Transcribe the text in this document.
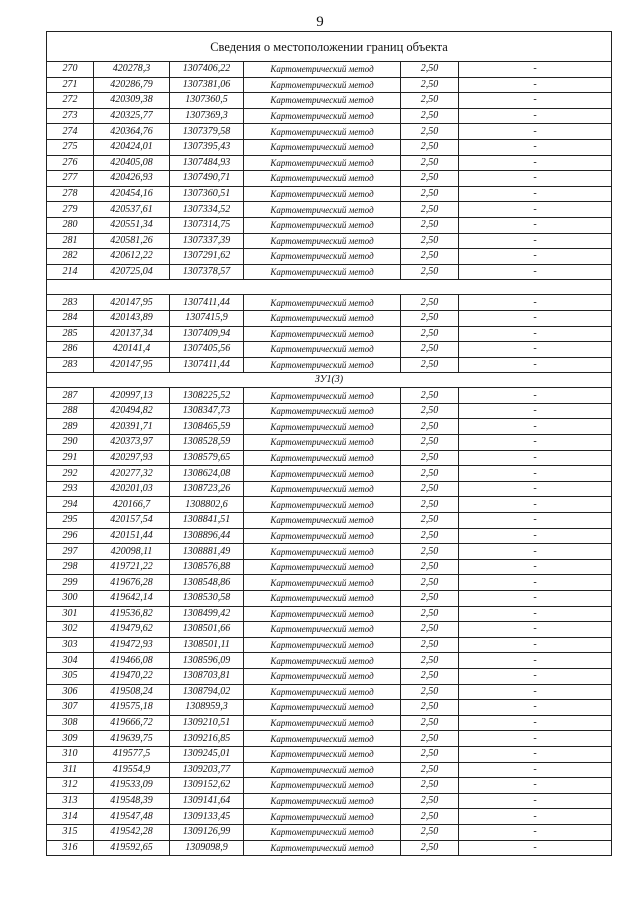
9
Сведения о местоположении границ объекта					
270	420278,3	1307406,22	Картометрический метод	2,50	-
271	420286,79	1307381,06	Картометрический метод	2,50	-
272	420309,38	1307360,5	Картометрический метод	2,50	-
273	420325,77	1307369,3	Картометрический метод	2,50	-
274	420364,76	1307379,58	Картометрический метод	2,50	-
275	420424,01	1307395,43	Картометрический метод	2,50	-
276	420405,08	1307484,93	Картометрический метод	2,50	-
277	420426,93	1307490,71	Картометрический метод	2,50	-
278	420454,16	1307360,51	Картометрический метод	2,50	-
279	420537,61	1307334,52	Картометрический метод	2,50	-
280	420551,34	1307314,75	Картометрический метод	2,50	-
281	420581,26	1307337,39	Картометрический метод	2,50	-
282	420612,22	1307291,62	Картометрический метод	2,50	-
214	420725,04	1307378,57	Картометрический метод	2,50	-

283	420147,95	1307411,44	Картометрический метод	2,50	-
284	420143,89	1307415,9	Картометрический метод	2,50	-
285	420137,34	1307409,94	Картометрический метод	2,50	-
286	420141,4	1307405,56	Картометрический метод	2,50	-
283	420147,95	1307411,44	Картометрический метод	2,50	-
ЗУ1(3)					
287	420997,13	1308225,52	Картометрический метод	2,50	-
288	420494,82	1308347,73	Картометрический метод	2,50	-
289	420391,71	1308465,59	Картометрический метод	2,50	-
290	420373,97	1308528,59	Картометрический метод	2,50	-
291	420297,93	1308579,65	Картометрический метод	2,50	-
292	420277,32	1308624,08	Картометрический метод	2,50	-
293	420201,03	1308723,26	Картометрический метод	2,50	-
294	420166,7	1308802,6	Картометрический метод	2,50	-
295	420157,54	1308841,51	Картометрический метод	2,50	-
296	420151,44	1308896,44	Картометрический метод	2,50	-
297	420098,11	1308881,49	Картометрический метод	2,50	-
298	419721,22	1308576,88	Картометрический метод	2,50	-
299	419676,28	1308548,86	Картометрический метод	2,50	-
300	419642,14	1308530,58	Картометрический метод	2,50	-
301	419536,82	1308499,42	Картометрический метод	2,50	-
302	419479,62	1308501,66	Картометрический метод	2,50	-
303	419472,93	1308501,11	Картометрический метод	2,50	-
304	419466,08	1308596,09	Картометрический метод	2,50	-
305	419470,22	1308703,81	Картометрический метод	2,50	-
306	419508,24	1308794,02	Картометрический метод	2,50	-
307	419575,18	1308959,3	Картометрический метод	2,50	-
308	419666,72	1309210,51	Картометрический метод	2,50	-
309	419639,75	1309216,85	Картометрический метод	2,50	-
310	419577,5	1309245,01	Картометрический метод	2,50	-
311	419554,9	1309203,77	Картометрический метод	2,50	-
312	419533,09	1309152,62	Картометрический метод	2,50	-
313	419548,39	1309141,64	Картометрический метод	2,50	-
314	419547,48	1309133,45	Картометрический метод	2,50	-
315	419542,28	1309126,99	Картометрический метод	2,50	-
316	419592,65	1309098,9	Картометрический метод	2,50	-
